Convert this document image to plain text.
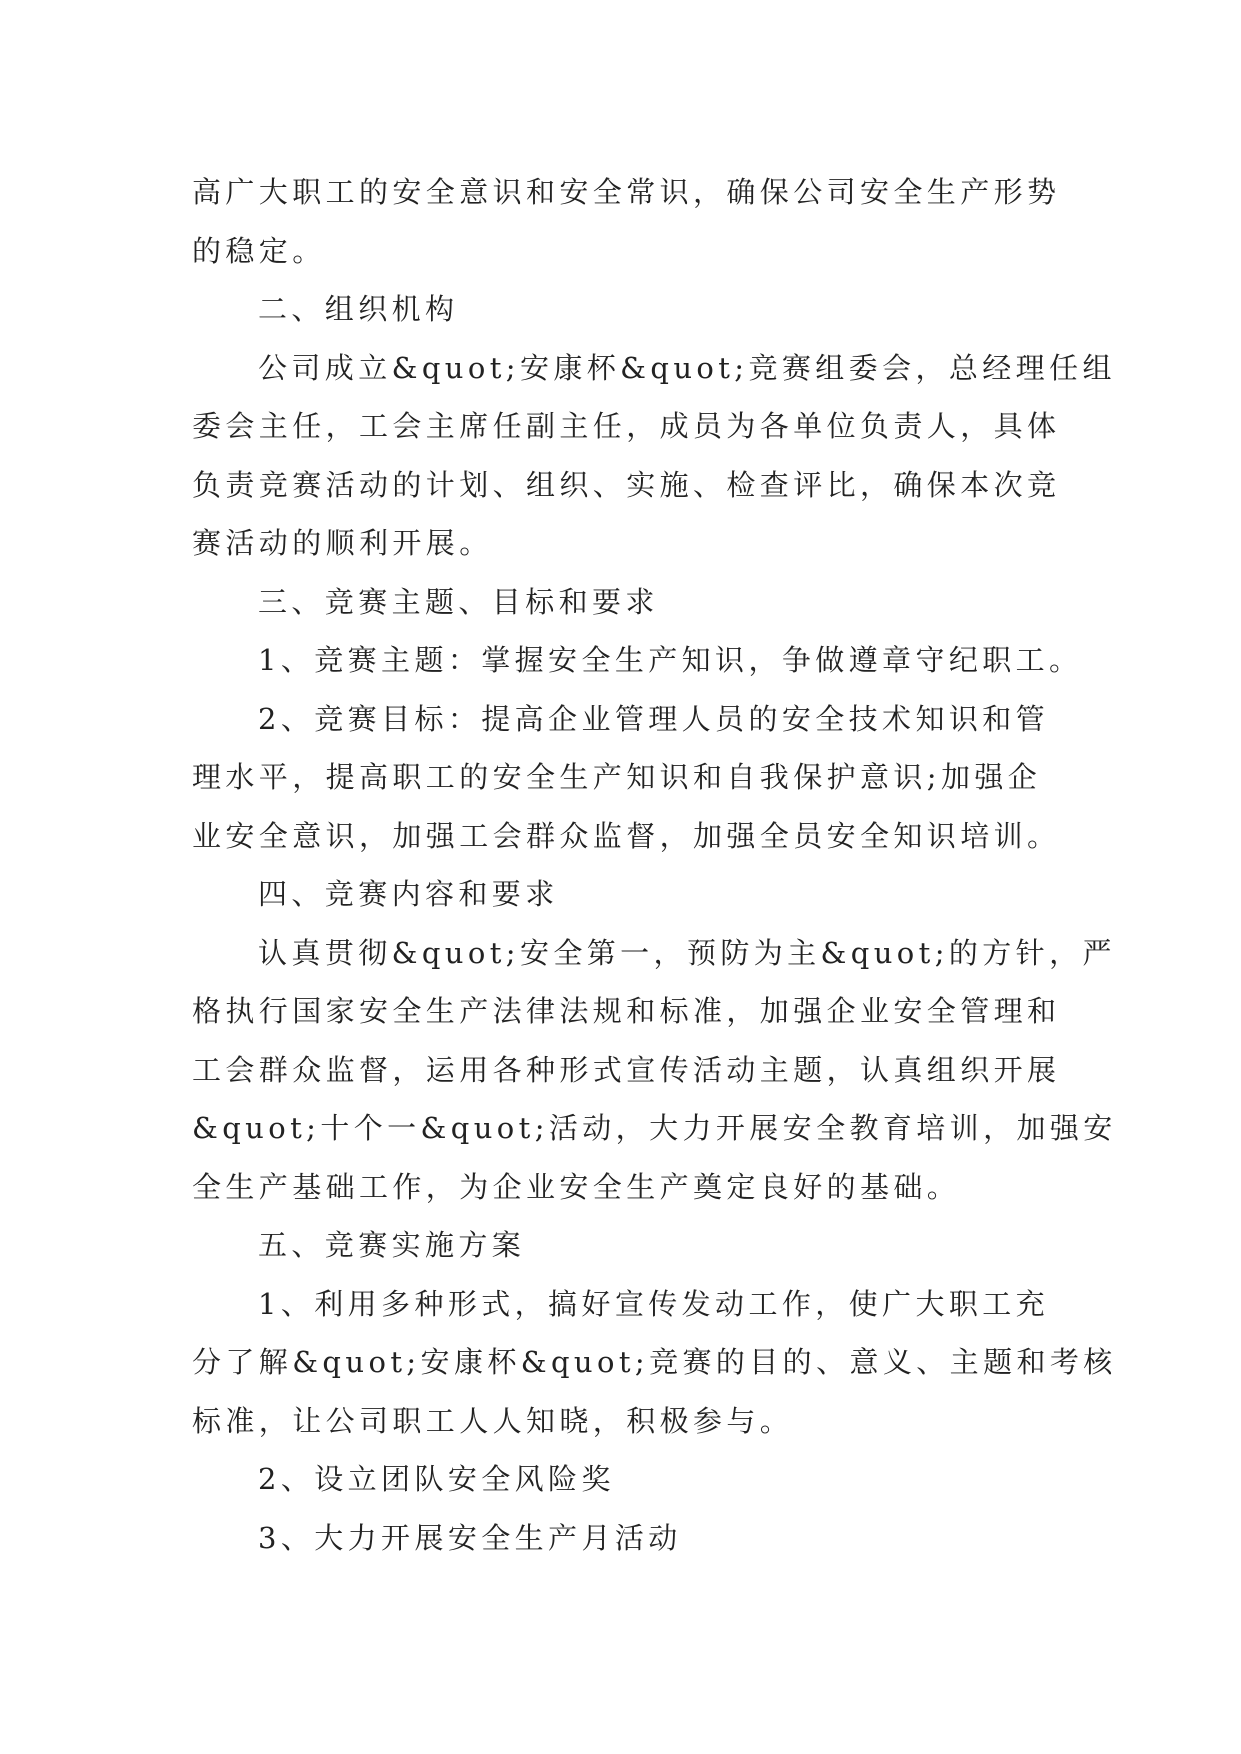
高广大职工的安全意识和安全常识，确保公司安全生产形势
的稳定。
二、组织机构
公司成立&quot;安康杯&quot;竞赛组委会，总经理任组
委会主任，工会主席任副主任，成员为各单位负责人，具体
负责竞赛活动的计划、组织、实施、检查评比，确保本次竞
赛活动的顺利开展。
三、竞赛主题、目标和要求
1、竞赛主题：掌握安全生产知识，争做遵章守纪职工。
2、竞赛目标：提高企业管理人员的安全技术知识和管
理水平，提高职工的安全生产知识和自我保护意识;加强企
业安全意识，加强工会群众监督，加强全员安全知识培训。
四、竞赛内容和要求
认真贯彻&quot;安全第一，预防为主&quot;的方针，严
格执行国家安全生产法律法规和标准，加强企业安全管理和
工会群众监督，运用各种形式宣传活动主题，认真组织开展
&quot;十个一&quot;活动，大力开展安全教育培训，加强安
全生产基础工作，为企业安全生产奠定良好的基础。
五、竞赛实施方案
1、利用多种形式，搞好宣传发动工作，使广大职工充
分了解&quot;安康杯&quot;竞赛的目的、意义、主题和考核
标准，让公司职工人人知晓，积极参与。
2、设立团队安全风险奖
3、大力开展安全生产月活动
